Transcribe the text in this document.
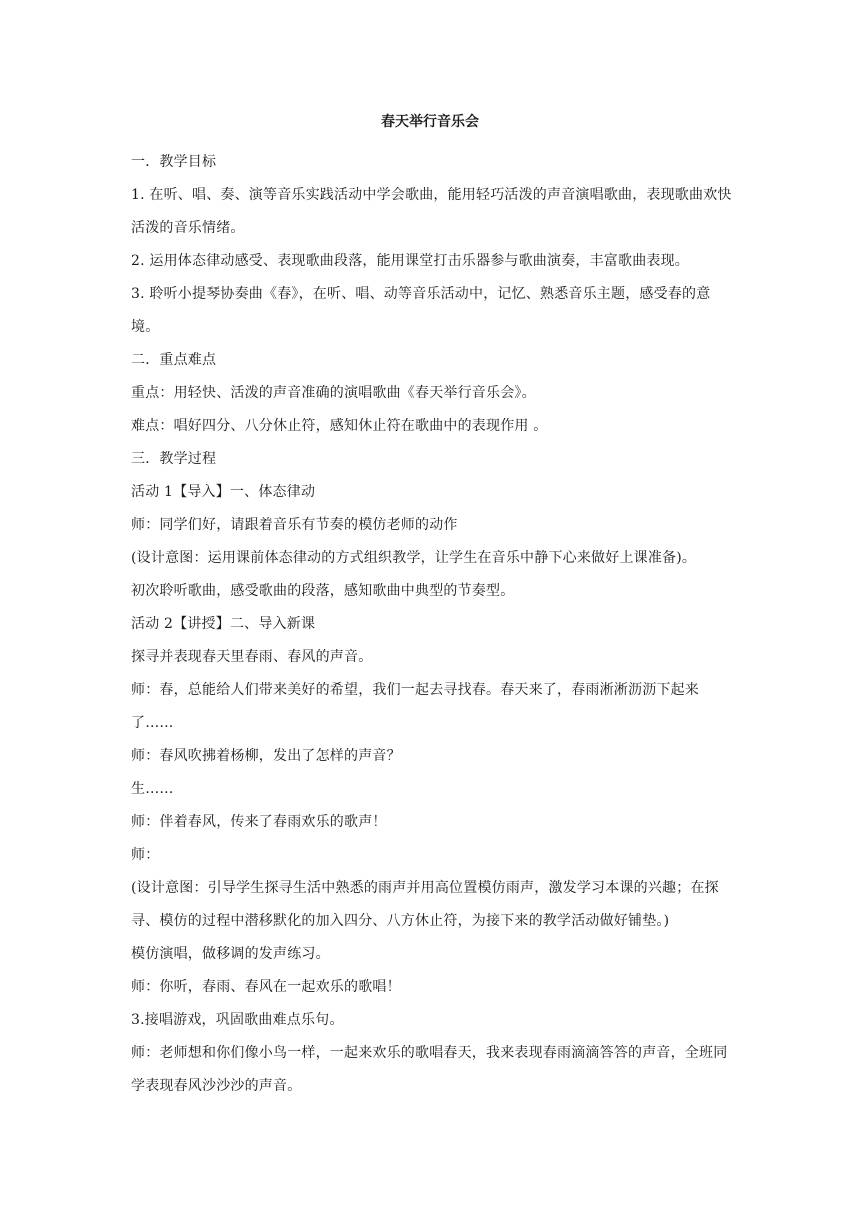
春天举行音乐会

一．教学目标

1. 在听、唱、奏、演等音乐实践活动中学会歌曲，能用轻巧活泼的声音演唱歌曲，表现歌曲欢快活泼的音乐情绪。

2. 运用体态律动感受、表现歌曲段落，能用课堂打击乐器参与歌曲演奏，丰富歌曲表现。

3. 聆听小提琴协奏曲《春》，在听、唱、动等音乐活动中，记忆、熟悉音乐主题，感受春的意境。

二．重点难点

重点：用轻快、活泼的声音准确的演唱歌曲《春天举行音乐会》。

难点：唱好四分、八分休止符，感知休止符在歌曲中的表现作用 。

三．教学过程

活动 1【导入】一、体态律动

师：同学们好，请跟着音乐有节奏的模仿老师的动作

(设计意图：运用课前体态律动的方式组织教学，让学生在音乐中静下心来做好上课准备)。

初次聆听歌曲，感受歌曲的段落，感知歌曲中典型的节奏型。

活动 2【讲授】二、导入新课

探寻并表现春天里春雨、春风的声音。

师：春，总能给人们带来美好的希望，我们一起去寻找春。春天来了，春雨淅淅沥沥下起来了……

师：春风吹拂着杨柳，发出了怎样的声音？

生……

师：伴着春风，传来了春雨欢乐的歌声！

师：

(设计意图：引导学生探寻生活中熟悉的雨声并用高位置模仿雨声，激发学习本课的兴趣；在探寻、模仿的过程中潜移默化的加入四分、八方休止符，为接下来的教学活动做好铺垫。)

模仿演唱，做移调的发声练习。

师：你听，春雨、春风在一起欢乐的歌唱！

3.接唱游戏，巩固歌曲难点乐句。

师：老师想和你们像小鸟一样，一起来欢乐的歌唱春天，我来表现春雨滴滴答答的声音，全班同学表现春风沙沙沙的声音。
